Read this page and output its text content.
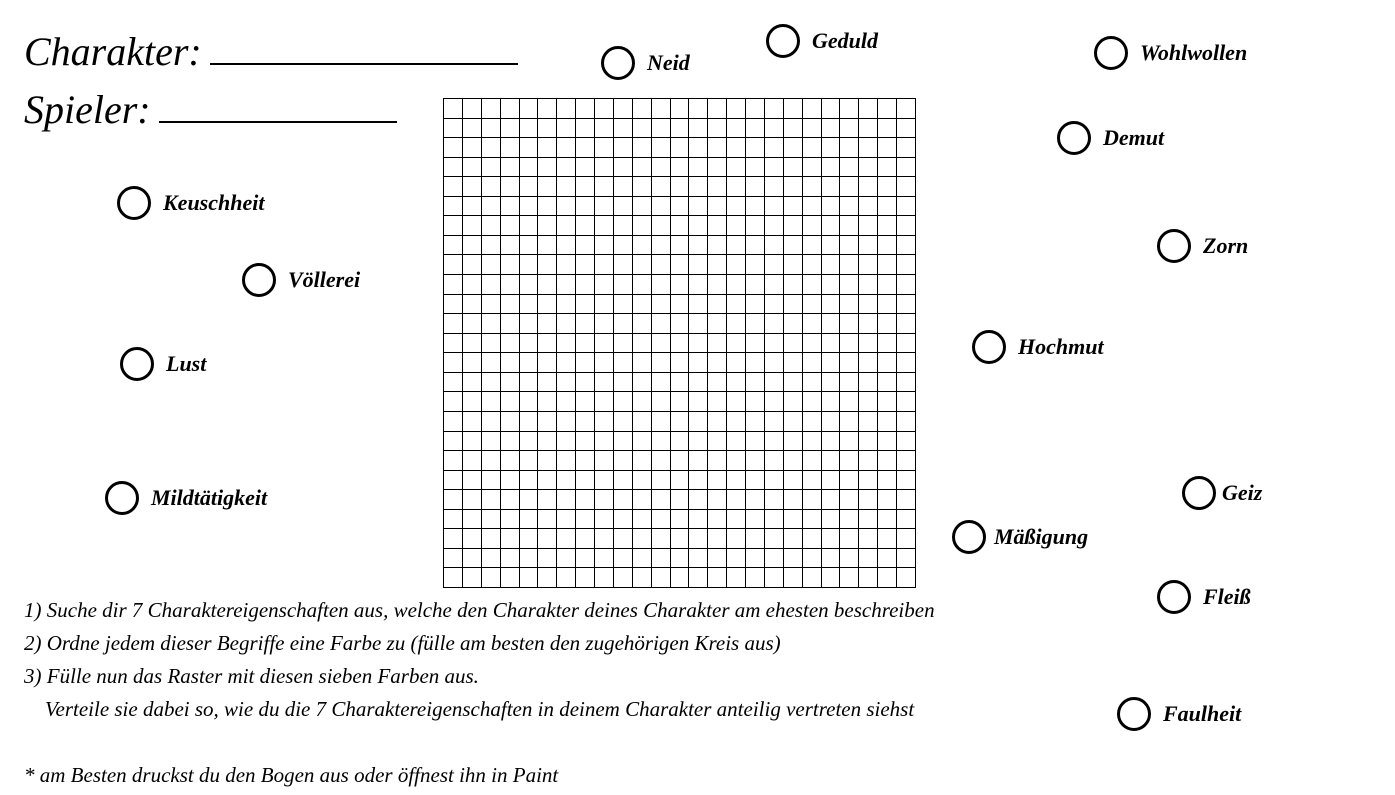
Charakter:
Spieler:
Neid
Geduld	Wohlwollen
Demut
Keuschheit
Zorn
Völlerei
Hochmut
Lust
Mildtätigkeit	Geiz
Mäßigung
Fleiß
Faulheit
1) Suche dir 7 Charaktereigenschaften aus, welche den Charakter deines Charakter am ehesten beschreiben
2) Ordne jedem dieser Begriffe eine Farbe zu (fülle am besten den zugehörigen Kreis aus)
3) Fülle nun das Raster mit diesen sieben Farben aus.
Verteile sie dabei so, wie du die 7 Charaktereigenschaften in deinem Charakter anteilig vertreten siehst
* am Besten druckst du den Bogen aus oder öffnest ihn in Paint
